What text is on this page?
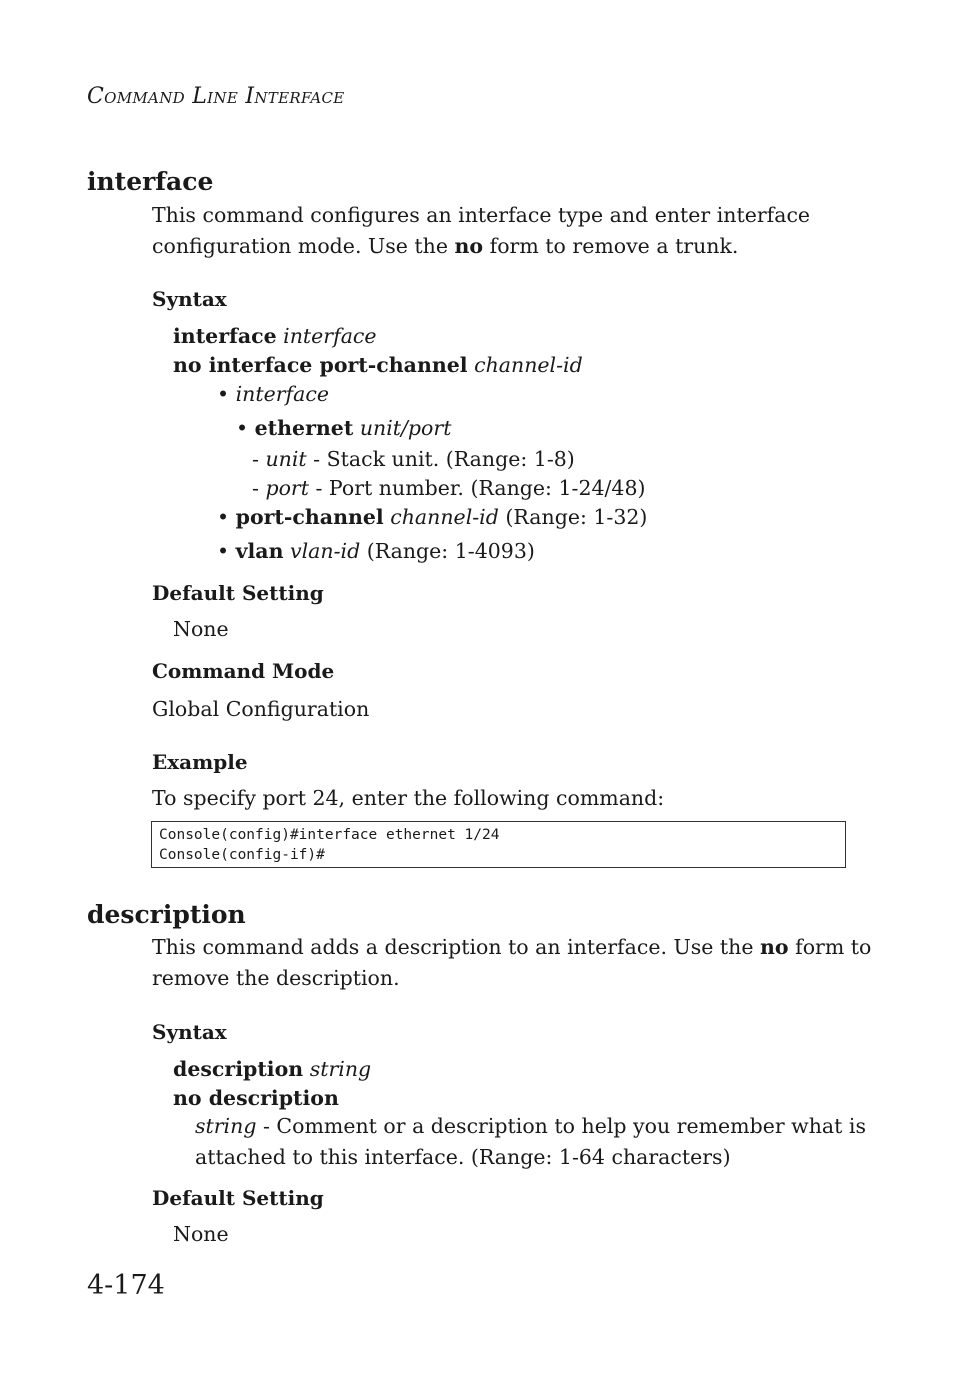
COMMAND LINE INTERFACE
interface
This command configures an interface type and enter interface
configuration mode. Use the no form to remove a trunk.
Syntax
interface interface
no interface port-channel channel-id
• interface
• ethernet unit/port
- unit - Stack unit. (Range: 1-8)
- port - Port number. (Range: 1-24/48)
• port-channel channel-id (Range: 1-32)
• vlan vlan-id (Range: 1-4093)
Default Setting
None
Command Mode
Global Configuration
Example
To specify port 24, enter the following command:
Console(config)#interface ethernet 1/24
Console(config-if)#
description
This command adds a description to an interface. Use the no form to
remove the description.
Syntax
description string
no description
string - Comment or a description to help you remember what is
attached to this interface. (Range: 1-64 characters)
Default Setting
None
4-174
